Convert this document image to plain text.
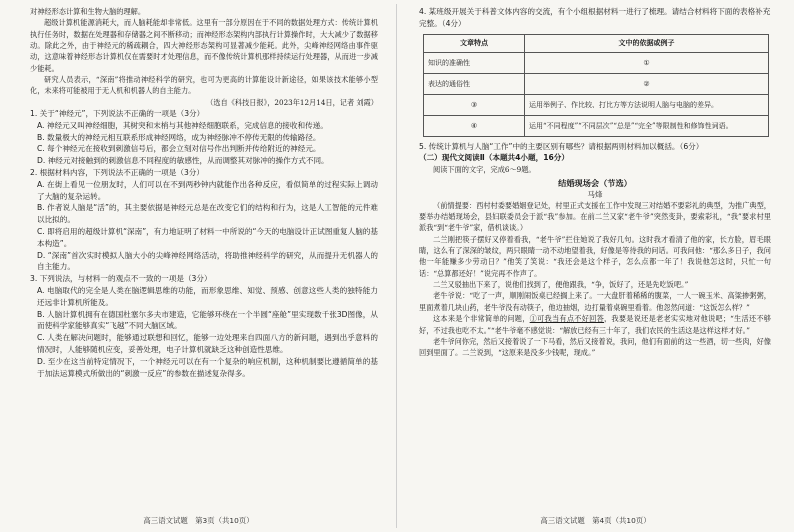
对神经形态计算和生物大脑的理解。

超级计算机能源消耗大，而人脑耗能却非常低。这里有一部分原因在于不同的数据处理方式：传统计算机执行任务时，数据在处理器和存储器之间不断移动；而神经形态架构内部执行计算操作时，大大减少了数据移动。除此之外，由于神经元的稀疏耦合，四大神经形态架构可显著减少能耗。此外，尖峰神经网络由事件驱动，这意味着神经形态计算机仅在需要时才处理信息，而不像传统计算机那样持续运行处理器，从而进一步减少能耗。

研究人员表示，“深南”将推动神经科学的研究，也可为更高的计算能设计新途径，如果该技术能够小型化，未来将可能被用于无人机和机器人的自主能力。

（选自《科技日报》，2023年12月14日，记者 刘霞）

1. 关于“神经元”，下列说法不正确的一项是（3分）

A. 神经元又叫神经细胞，其树突和末梢与其他神经细胞联系，完成信息的接收和传递。

B. 数量极大的神经元相互联系形成神经网络，成为神经脉冲不停传无限的传输路径。

C. 每个神经元在接收到刺激信号后，都会立刻对信号作出判断并传给附近的神经元。

D. 神经元对接触到的刺激信息不同程度的敏感性，从而调整其对脉冲的操作方式不同。

2. 根据材料内容，下列说法不正确的一项是（3分）

A. 在街上看见一位朋友时，人们可以在不到两秒钟内就能作出各种反应，看似简单的过程实际上调动了大脑的复杂运转。

B. 作者说人脑是“活”的，其主要依据是神经元总是在改变它们的结构和行为，这是人工智能的元件难以比拟的。

C. 即将启用的超级计算机“深南”，有力地证明了材料一中所说的“今天的电脑设计正试图重复人脑的基本构造”。

D. “深南”首次实时模拟人脑大小的尖峰神经网络活动，将助推神经科学的研究，从而提升无机器人的自主能力。

3. 下列说法，与材料一的观点不一致的一项是（3分）

A. 电脑取代的完全是人类在脑逻辑思维的功能，而形象思维、知觉、预感、创意这些人类的独特能力还远非计算机所能及。

B. 人脑计算机拥有在德国杜塞尔多夫市建造，它能够环绕在一个半圆“座舱”里实现数千张3D图像，从而使科学家能够真实“飞越”不同大脑区域。

C. 人类在解决问题时，能够通过联想和回忆，能够一边处理来自四面八方的新问题，遇到出乎意料的情况时，人能够随机应变，妥善处理，电子计算机就缺乏这种创造性思维。

D. 至少在这当前特定情况下，一个神经元可以在有一个复杂的响应机制，这种机制要比遵循简单的基于加法运算模式所做出的“刺激一反应”的参数在描述复杂得多。

高三语文试题　第3页（共10页）

4. 某班级开展关于科普文体内容的交流，有个小组根据材料一进行了梳理。请结合材料将下面的表格补充完整。（4分）

文章特点	文中的依据或例子
知识的准确性	①
表达的通俗性	②
③	运用举例子、作比较、打比方等方法说明人脑与电脑的差异。
④	运用“不同程度”“不同层次”“总是”“完全”等限制性和修饰性词语。

5. 传统计算机与人脑“工作”中的主要区别有哪些？请根据两则材料加以概括。（6分）

（二）现代文阅读Ⅱ（本题共4小题，16分）

阅读下面的文字，完成6～9题。

结婚现场会（节选）

马烽

（前情提要：西村村委要婚姻登记处，村里正式支援在工作中发现三对结婚不要彩礼的典型，为推广典型，要举办结婚现场会，县妇联委员会于派“我”参加。在前二兰又家“老牛爷”突然变卦，要索彩礼，“我”要求村里派我“到“老牛爷”家，借机谈谈。）

二兰刚把筷子摆好又停着看我，“老牛爷”拦住她说了我好几句。这时我才看清了他的家，长方脸，眉毛眼睛，这么有了深深的皱纹，两只眼睛一动不动地望着我，好像是等待我的问话。可我问他：“那么多日子，我问他一年能赚多少劳动日？”他笑了笑说：“我还会是这个样子，怎么点都一年了！我说他怎这时，只忙一句话：“总算都还好！”说完再不作声了。

二兰又驳抽出下来了，说他们找到了，便他跟我，“争，饭好了，还是先吃饭吧。”

老牛爷说：“吃了一声，顺刚闹饭桌已经搁上来了。一大盘肝着稀稀的腹菜，一人一碗玉米、高粱掺粥粥，里面煮着几块山药，老牛爷没有动筷子，他边抽烟，边打量着桌碗里看着。他忽然问道：“这饭怎么样？”

这本来是个非常简单的问题，①可我当有点不好回答，我要是说还是老老实实地对他说吧；“生活还不够好，不过我也吃不太。”“老牛爷毫不感觉说：“解放已经有三十年了，我们农民的生活这是这样这样才好。”

老牛爷问你完，然后又接着说了一下马看，然后又接着说，我问，他们有面前的这一些酒，切一些肉，好像回到里面了。二兰说到，“这原来是没多少钱呢，现成。”

高三语文试题　第4页（共10页）
